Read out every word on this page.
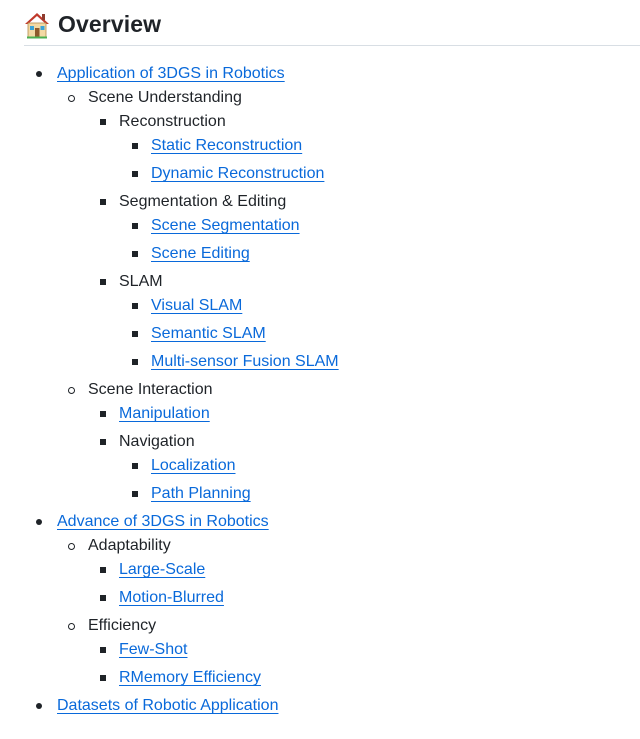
Overview
Application of 3DGS in Robotics
Scene Understanding
Reconstruction
Static Reconstruction
Dynamic Reconstruction
Segmentation & Editing
Scene Segmentation
Scene Editing
SLAM
Visual SLAM
Semantic SLAM
Multi-sensor Fusion SLAM
Scene Interaction
Manipulation
Navigation
Localization
Path Planning
Advance of 3DGS in Robotics
Adaptability
Large-Scale
Motion-Blurred
Efficiency
Few-Shot
RMemory Efficiency
Datasets of Robotic Application
